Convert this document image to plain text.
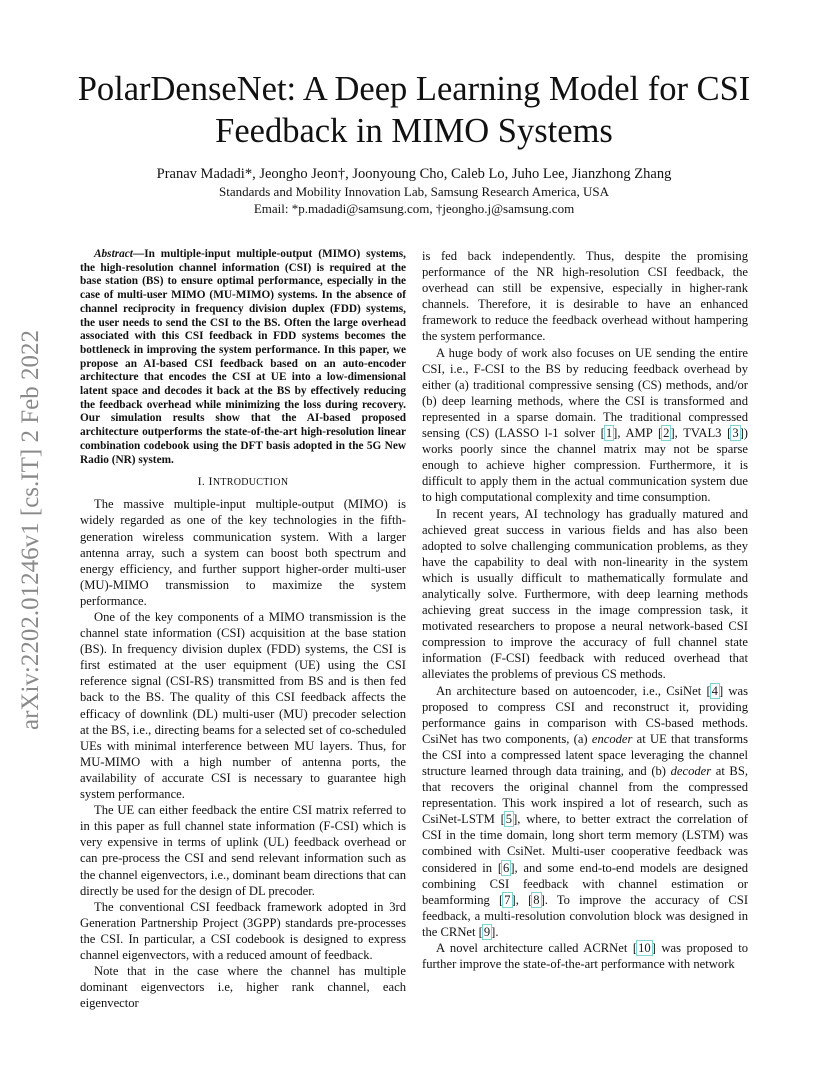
PolarDenseNet: A Deep Learning Model for CSI
Feedback in MIMO Systems
Pranav Madadi*, Jeongho Jeon†, Joonyoung Cho, Caleb Lo, Juho Lee, Jianzhong Zhang
Standards and Mobility Innovation Lab, Samsung Research America, USA
Email: *p.madadi@samsung.com, †jeongho.j@samsung.com
arXiv:2202.01246v1 [cs.IT] 2 Feb 2022

Abstract—In multiple-input multiple-output (MIMO) systems, the high-resolution channel information (CSI) is required at the base station (BS) to ensure optimal performance, especially in the case of multi-user MIMO (MU-MIMO) systems. In the absence of channel reciprocity in frequency division duplex (FDD) systems, the user needs to send the CSI to the BS. Often the large overhead associated with this CSI feedback in FDD systems becomes the bottleneck in improving the system performance. In this paper, we propose an AI-based CSI feedback based on an auto-encoder architecture that encodes the CSI at UE into a low-dimensional latent space and decodes it back at the BS by effectively reducing the feedback overhead while minimizing the loss during recovery. Our simulation results show that the AI-based proposed architecture outperforms the state-of-the-art high-resolution linear combination codebook using the DFT basis adopted in the 5G New Radio (NR) system.

I. INTRODUCTION

The massive multiple-input multiple-output (MIMO) is widely regarded as one of the key technologies in the fifth-generation wireless communication system. With a larger antenna array, such a system can boost both spectrum and energy efficiency, and further support higher-order multi-user (MU)-MIMO transmission to maximize the system performance.

One of the key components of a MIMO transmission is the channel state information (CSI) acquisition at the base station (BS). In frequency division duplex (FDD) systems, the CSI is first estimated at the user equipment (UE) using the CSI reference signal (CSI-RS) transmitted from BS and is then fed back to the BS. The quality of this CSI feedback affects the efficacy of downlink (DL) multi-user (MU) precoder selection at the BS, i.e., directing beams for a selected set of co-scheduled UEs with minimal interference between MU layers. Thus, for MU-MIMO with a high number of antenna ports, the availability of accurate CSI is necessary to guarantee high system performance.

The UE can either feedback the entire CSI matrix referred to in this paper as full channel state information (F-CSI) which is very expensive in terms of uplink (UL) feedback overhead or can pre-process the CSI and send relevant information such as the channel eigenvectors, i.e., dominant beam directions that can directly be used for the design of DL precoder.

The conventional CSI feedback framework adopted in 3rd Generation Partnership Project (3GPP) standards pre-processes the CSI. In particular, a CSI codebook is designed to express channel eigenvectors, with a reduced amount of feedback.

Note that in the case where the channel has multiple dominant eigenvectors i.e, higher rank channel, each eigenvector

is fed back independently. Thus, despite the promising performance of the NR high-resolution CSI feedback, the overhead can still be expensive, especially in higher-rank channels. Therefore, it is desirable to have an enhanced framework to reduce the feedback overhead without hampering the system performance.

A huge body of work also focuses on UE sending the entire CSI, i.e., F-CSI to the BS by reducing feedback overhead by either (a) traditional compressive sensing (CS) methods, and/or (b) deep learning methods, where the CSI is transformed and represented in a sparse domain. The traditional compressed sensing (CS) (LASSO l-1 solver [1], AMP [2], TVAL3 [3]) works poorly since the channel matrix may not be sparse enough to achieve higher compression. Furthermore, it is difficult to apply them in the actual communication system due to high computational complexity and time consumption.

In recent years, AI technology has gradually matured and achieved great success in various fields and has also been adopted to solve challenging communication problems, as they have the capability to deal with non-linearity in the system which is usually difficult to mathematically formulate and analytically solve. Furthermore, with deep learning methods achieving great success in the image compression task, it motivated researchers to propose a neural network-based CSI compression to improve the accuracy of full channel state information (F-CSI) feedback with reduced overhead that alleviates the problems of previous CS methods.

An architecture based on autoencoder, i.e., CsiNet [4] was proposed to compress CSI and reconstruct it, providing performance gains in comparison with CS-based methods. CsiNet has two components, (a) encoder at UE that transforms the CSI into a compressed latent space leveraging the channel structure learned through data training, and (b) decoder at BS, that recovers the original channel from the compressed representation. This work inspired a lot of research, such as CsiNet-LSTM [5], where, to better extract the correlation of CSI in the time domain, long short term memory (LSTM) was combined with CsiNet. Multi-user cooperative feedback was considered in [6], and some end-to-end models are designed combining CSI feedback with channel estimation or beamforming [7], [8]. To improve the accuracy of CSI feedback, a multi-resolution convolution block was designed in the CRNet [9].

A novel architecture called ACRNet [10] was proposed to further improve the state-of-the-art performance with network
